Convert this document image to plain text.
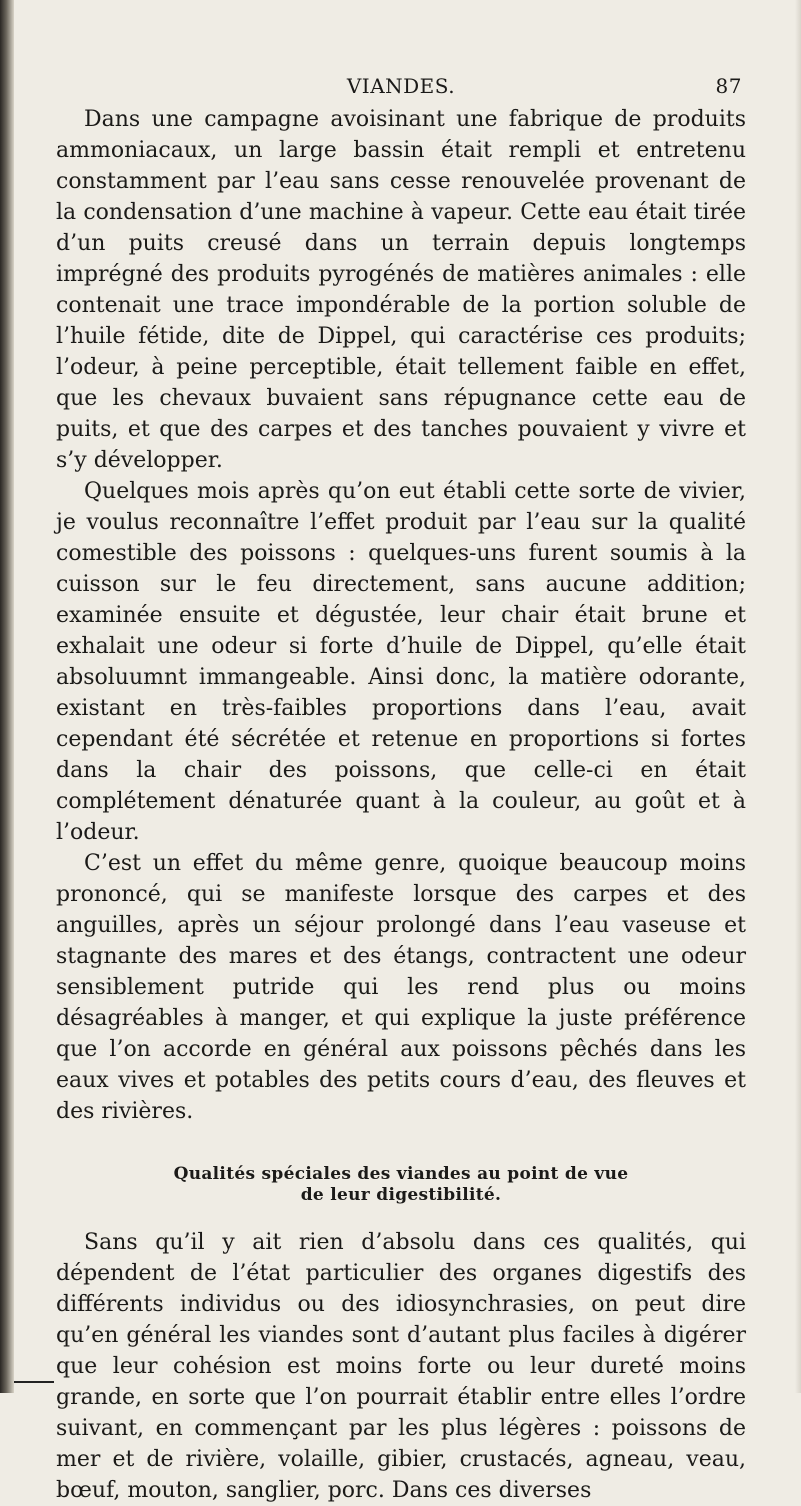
VIANDES.	87

Dans une campagne avoisinant une fabrique de produits ammoniacaux, un large bassin était rempli et entretenu constamment par l’eau sans cesse renouvelée provenant de la condensation d’une machine à vapeur. Cette eau était tirée d’un puits creusé dans un terrain depuis longtemps imprégné des produits pyrogénés de matières animales : elle contenait une trace impondérable de la portion soluble de l’huile fétide, dite de Dippel, qui caractérise ces produits; l’odeur, à peine perceptible, était tellement faible en effet, que les chevaux buvaient sans répugnance cette eau de puits, et que des carpes et des tanches pouvaient y vivre et s’y développer.

Quelques mois après qu’on eut établi cette sorte de vivier, je voulus reconnaître l’effet produit par l’eau sur la qualité comestible des poissons : quelques-uns furent soumis à la cuisson sur le feu directement, sans aucune addition; examinée ensuite et dégustée, leur chair était brune et exhalait une odeur si forte d’huile de Dippel, qu’elle était absoluumnt immangeable. Ainsi donc, la matière odorante, existant en très-faibles proportions dans l’eau, avait cependant été sécrétée et retenue en proportions si fortes dans la chair des poissons, que celle-ci en était complétement dénaturée quant à la couleur, au goût et à l’odeur.

C’est un effet du même genre, quoique beaucoup moins prononcé, qui se manifeste lorsque des carpes et des anguilles, après un séjour prolongé dans l’eau vaseuse et stagnante des mares et des étangs, contractent une odeur sensiblement putride qui les rend plus ou moins désagréables à manger, et qui explique la juste préférence que l’on accorde en général aux poissons pêchés dans les eaux vives et potables des petits cours d’eau, des fleuves et des rivières.

Qualités spéciales des viandes au point de vue
de leur digestibilité.

Sans qu’il y ait rien d’absolu dans ces qualités, qui dépendent de l’état particulier des organes digestifs des différents individus ou des idiosynchrasies, on peut dire qu’en général les viandes sont d’autant plus faciles à digérer que leur cohésion est moins forte ou leur dureté moins grande, en sorte que l’on pourrait établir entre elles l’ordre suivant, en commençant par les plus légères : poissons de mer et de rivière, volaille, gibier, crustacés, agneau, veau, bœuf, mouton, sanglier, porc. Dans ces diverses
